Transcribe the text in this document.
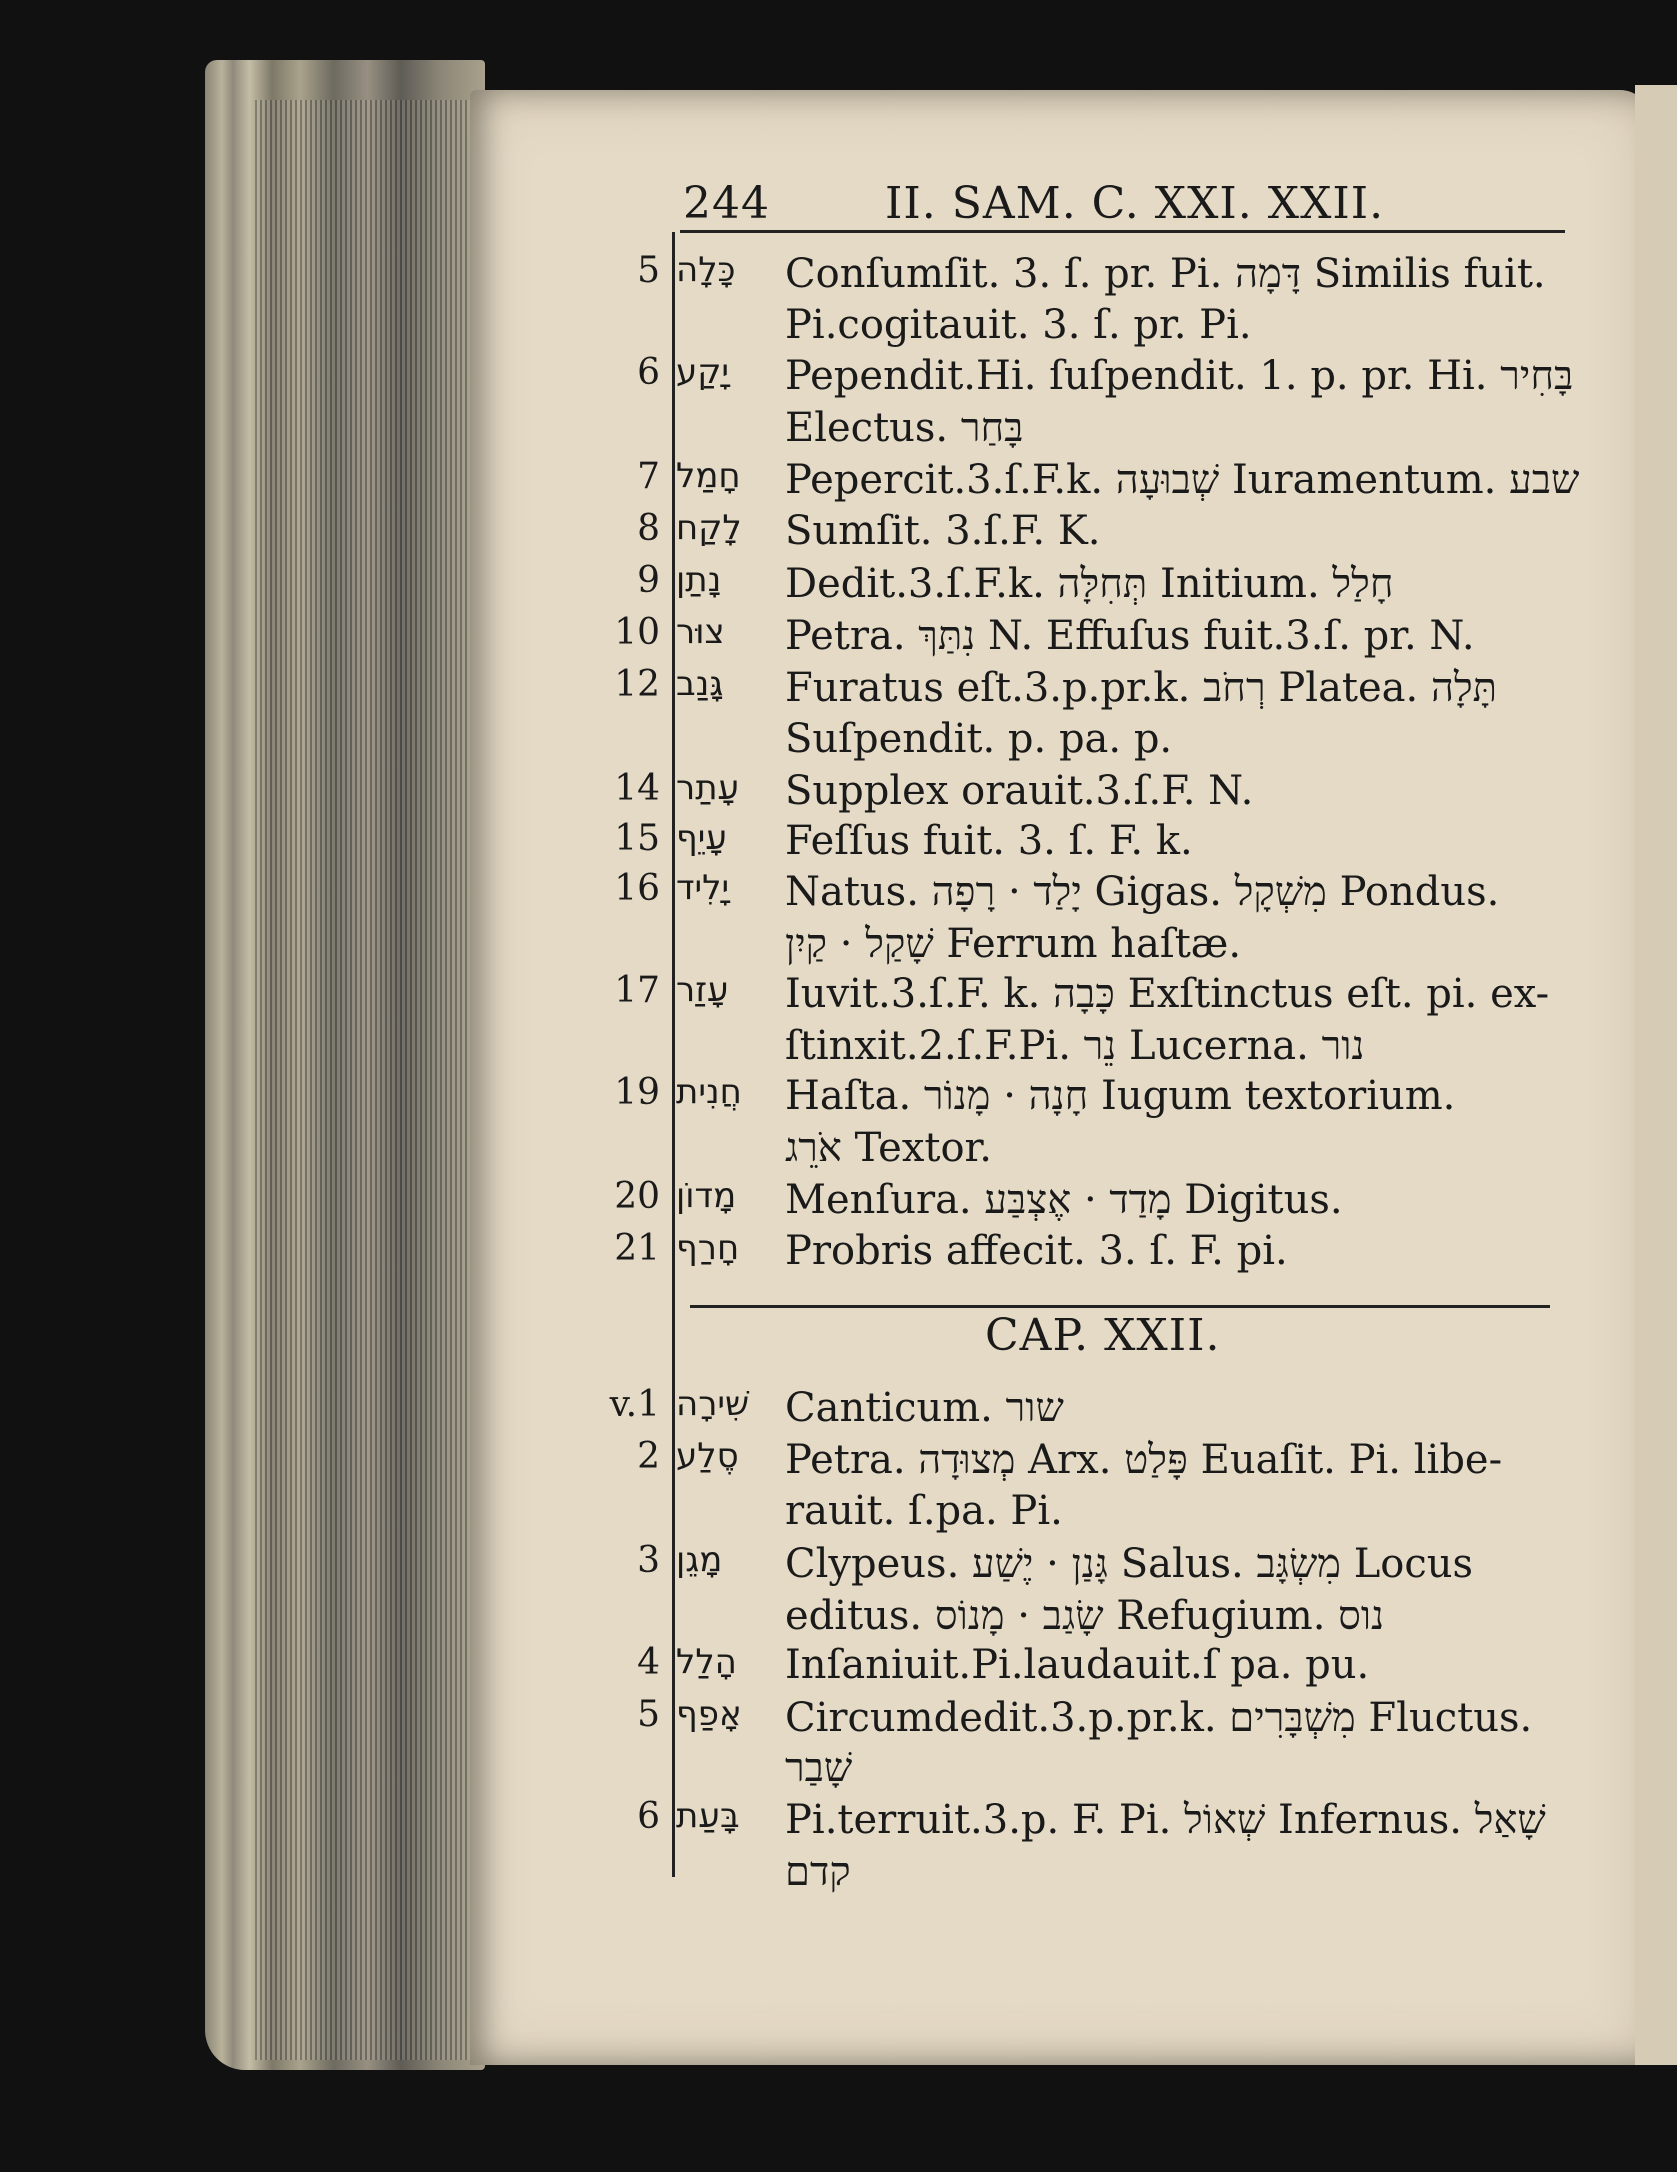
244	II. SAM. C. XXI. XXII.
5 כָּלָה	Conſumſit. 3. ſ. pr. Pi. דָּמָה Similis fuit.
Pi.cogitauit. 3. ſ. pr. Pi.
6 יָקַע	Pependit.Hi. ſuſpendit. 1. p. pr. Hi. בָּחִיר
Electus. בָּחַר
7 חָמַל	Pepercit.3.ſ.F.k. שְׁבוּעָה Iuramentum. שבע
8 לָקַח	Sumſit. 3.ſ.F. K.
9 נָתַן	Dedit.3.ſ.F.k. תְּחִלָּה Initium. חָלַל
10 צוּר	Petra. נִתַּךְ N. Effuſus fuit.3.ſ. pr. N.
12 גָּנַב	Furatus eſt.3.p.pr.k. רְחֹב Platea. תָּלָה
Suſpendit. p. pa. p.
14 עָתַר	Supplex orauit.3.ſ.F. N.
15 עָיֵף	Feſſus fuit. 3. ſ. F. k.
16 יָלִיד	Natus. יָלַד · רָפָה Gigas. מִשְׁקָל Pondus.
שָׁקַל · קַיִן Ferrum haſtæ.
17 עָזַר	Iuvit.3.ſ.F. k. כָּבָה Exſtinctus eſt. pi. ex-
ſtinxit.2.ſ.F.Pi. נֵר Lucerna. נור
19 חֲנִית	Haſta. חָנָה · מָנוֹר Iugum textorium.
אֹרֵג Textor.
20 מָדוֹן	Menſura. מָדַד · אֶצְבַּע Digitus.
21 חָרַף	Probris affecit. 3. ſ. F. pi.
CAP. XXII.
v.1 שִׁירָה Canticum. שור
2 סֶלַע	Petra. מְצוּדָה Arx. פָּלַט Euaſit. Pi. libe-
rauit. ſ.pa. Pi.
3 מָגֵן	Clypeus. גָּנַן · יֶשַׁע Salus. מִשְׂגָּב Locus
editus. שָׂגַב · מָנוֹס Refugium. נוס
4 הָלַל	Inſaniuit.Pi.laudauit.ſ pa. pu.
5 אָפַף	Circumdedit.3.p.pr.k. מִשְׁבָּרִים Fluctus.
שָׁבַר
6 בָּעַת	Pi.terruit.3.p. F. Pi. שְׁאוֹל Infernus. שָׁאַל
קדם
